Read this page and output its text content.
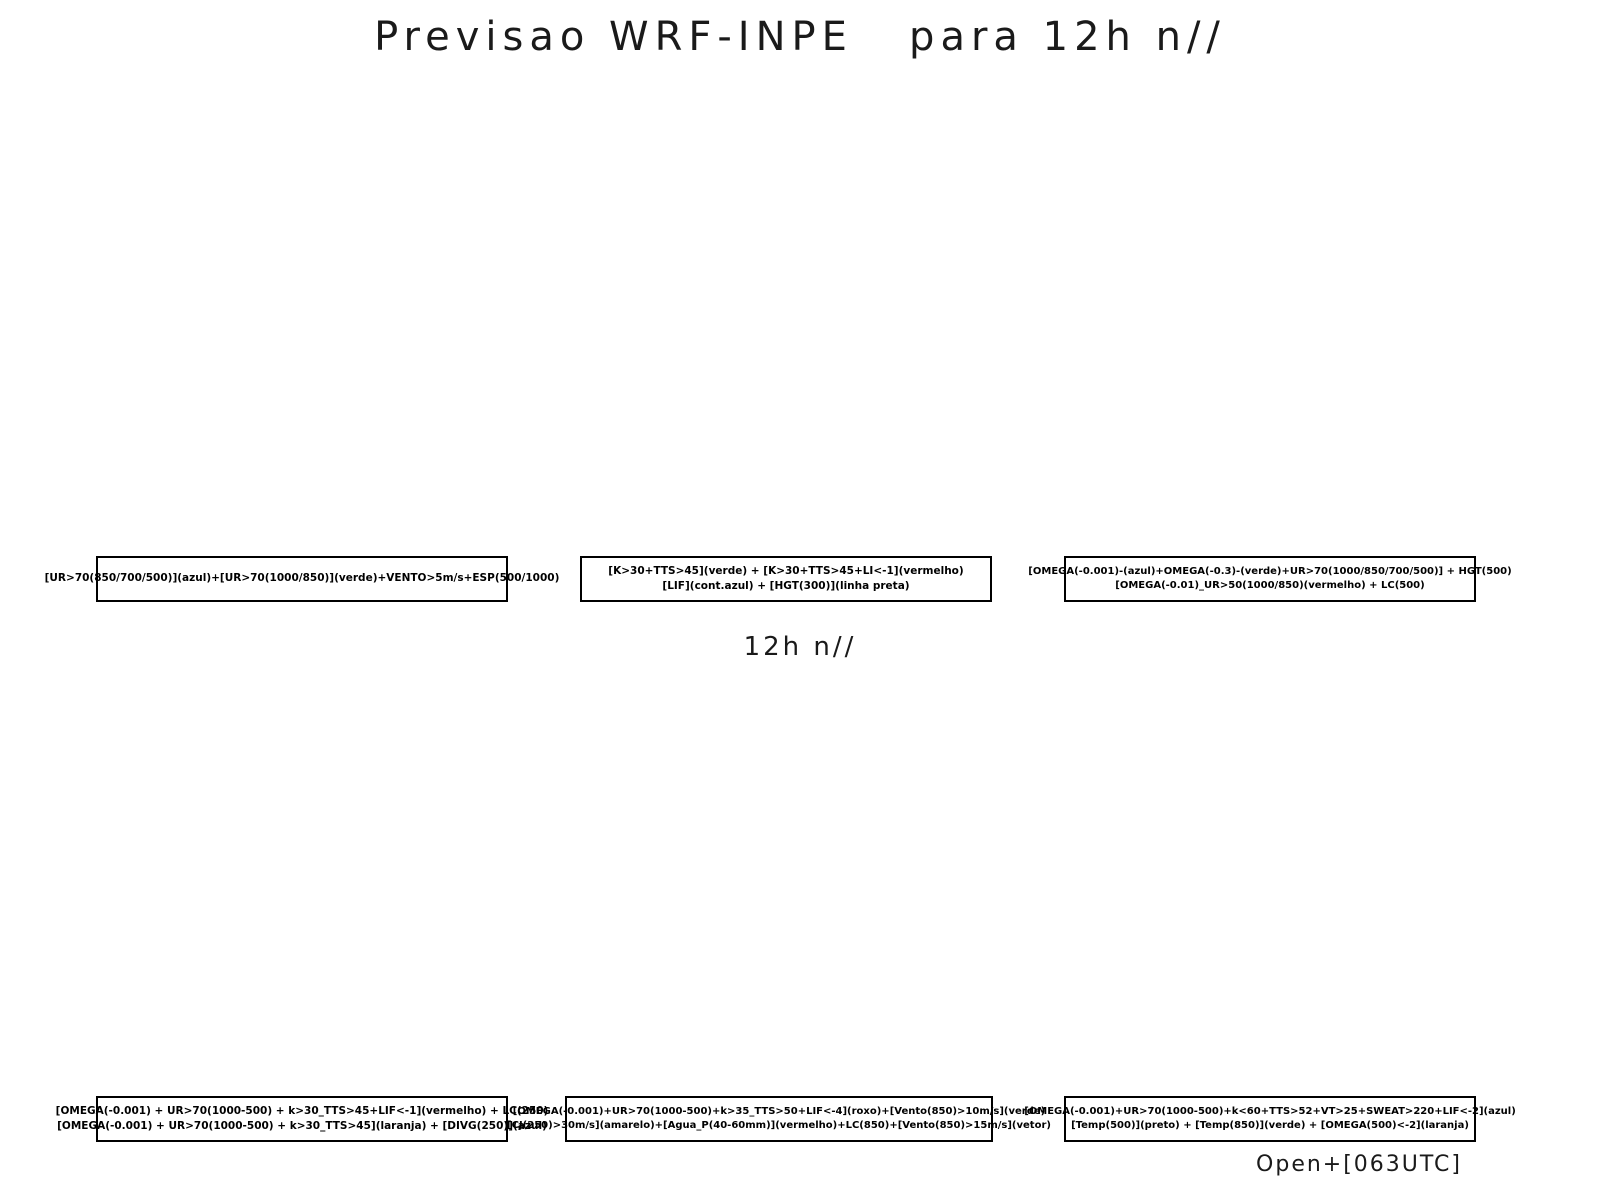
Previsao WRF-INPE   para 12h n//
[UR>70(850/700/500)](azul)+[UR>70(1000/850)](verde)+VENTO>5m/s+ESP(500/1000)
[K>30+TTS>45](verde) + [K>30+TTS>45+LI<-1](vermelho)
[LIF](cont.azul) + [HGT(300)](linha preta)
[OMEGA(-0.001)-(azul)+OMEGA(-0.3)-(verde)+UR>70(1000/850/700/500)] + HGT(500)
[OMEGA(-0.01)_UR>50(1000/850)(vermelho) + LC(500)
12h n//
[OMEGA(-0.001) + UR>70(1000-500) + k>30_TTS>45+LIF<-1](vermelho) + LC(250)
[OMEGA(-0.001) + UR>70(1000-500) + k>30_TTS>45](laranja) + [DIVG(250)](azul)
[OMEGA(-0.001)+UR>70(1000-500)+k>35_TTS>50+LIF<-4](roxo)+[Vento(850)>10m/s](verde)
[CJ(250)>30m/s](amarelo)+[Agua_P(40-60mm)](vermelho)+LC(850)+[Vento(850)>15m/s](vetor)
[OMEGA(-0.001)+UR>70(1000-500)+k<60+TTS>52+VT>25+SWEAT>220+LIF<-2](azul)
[Temp(500)](preto) + [Temp(850)](verde) + [OMEGA(500)<-2](laranja)
Open+[063UTC]
